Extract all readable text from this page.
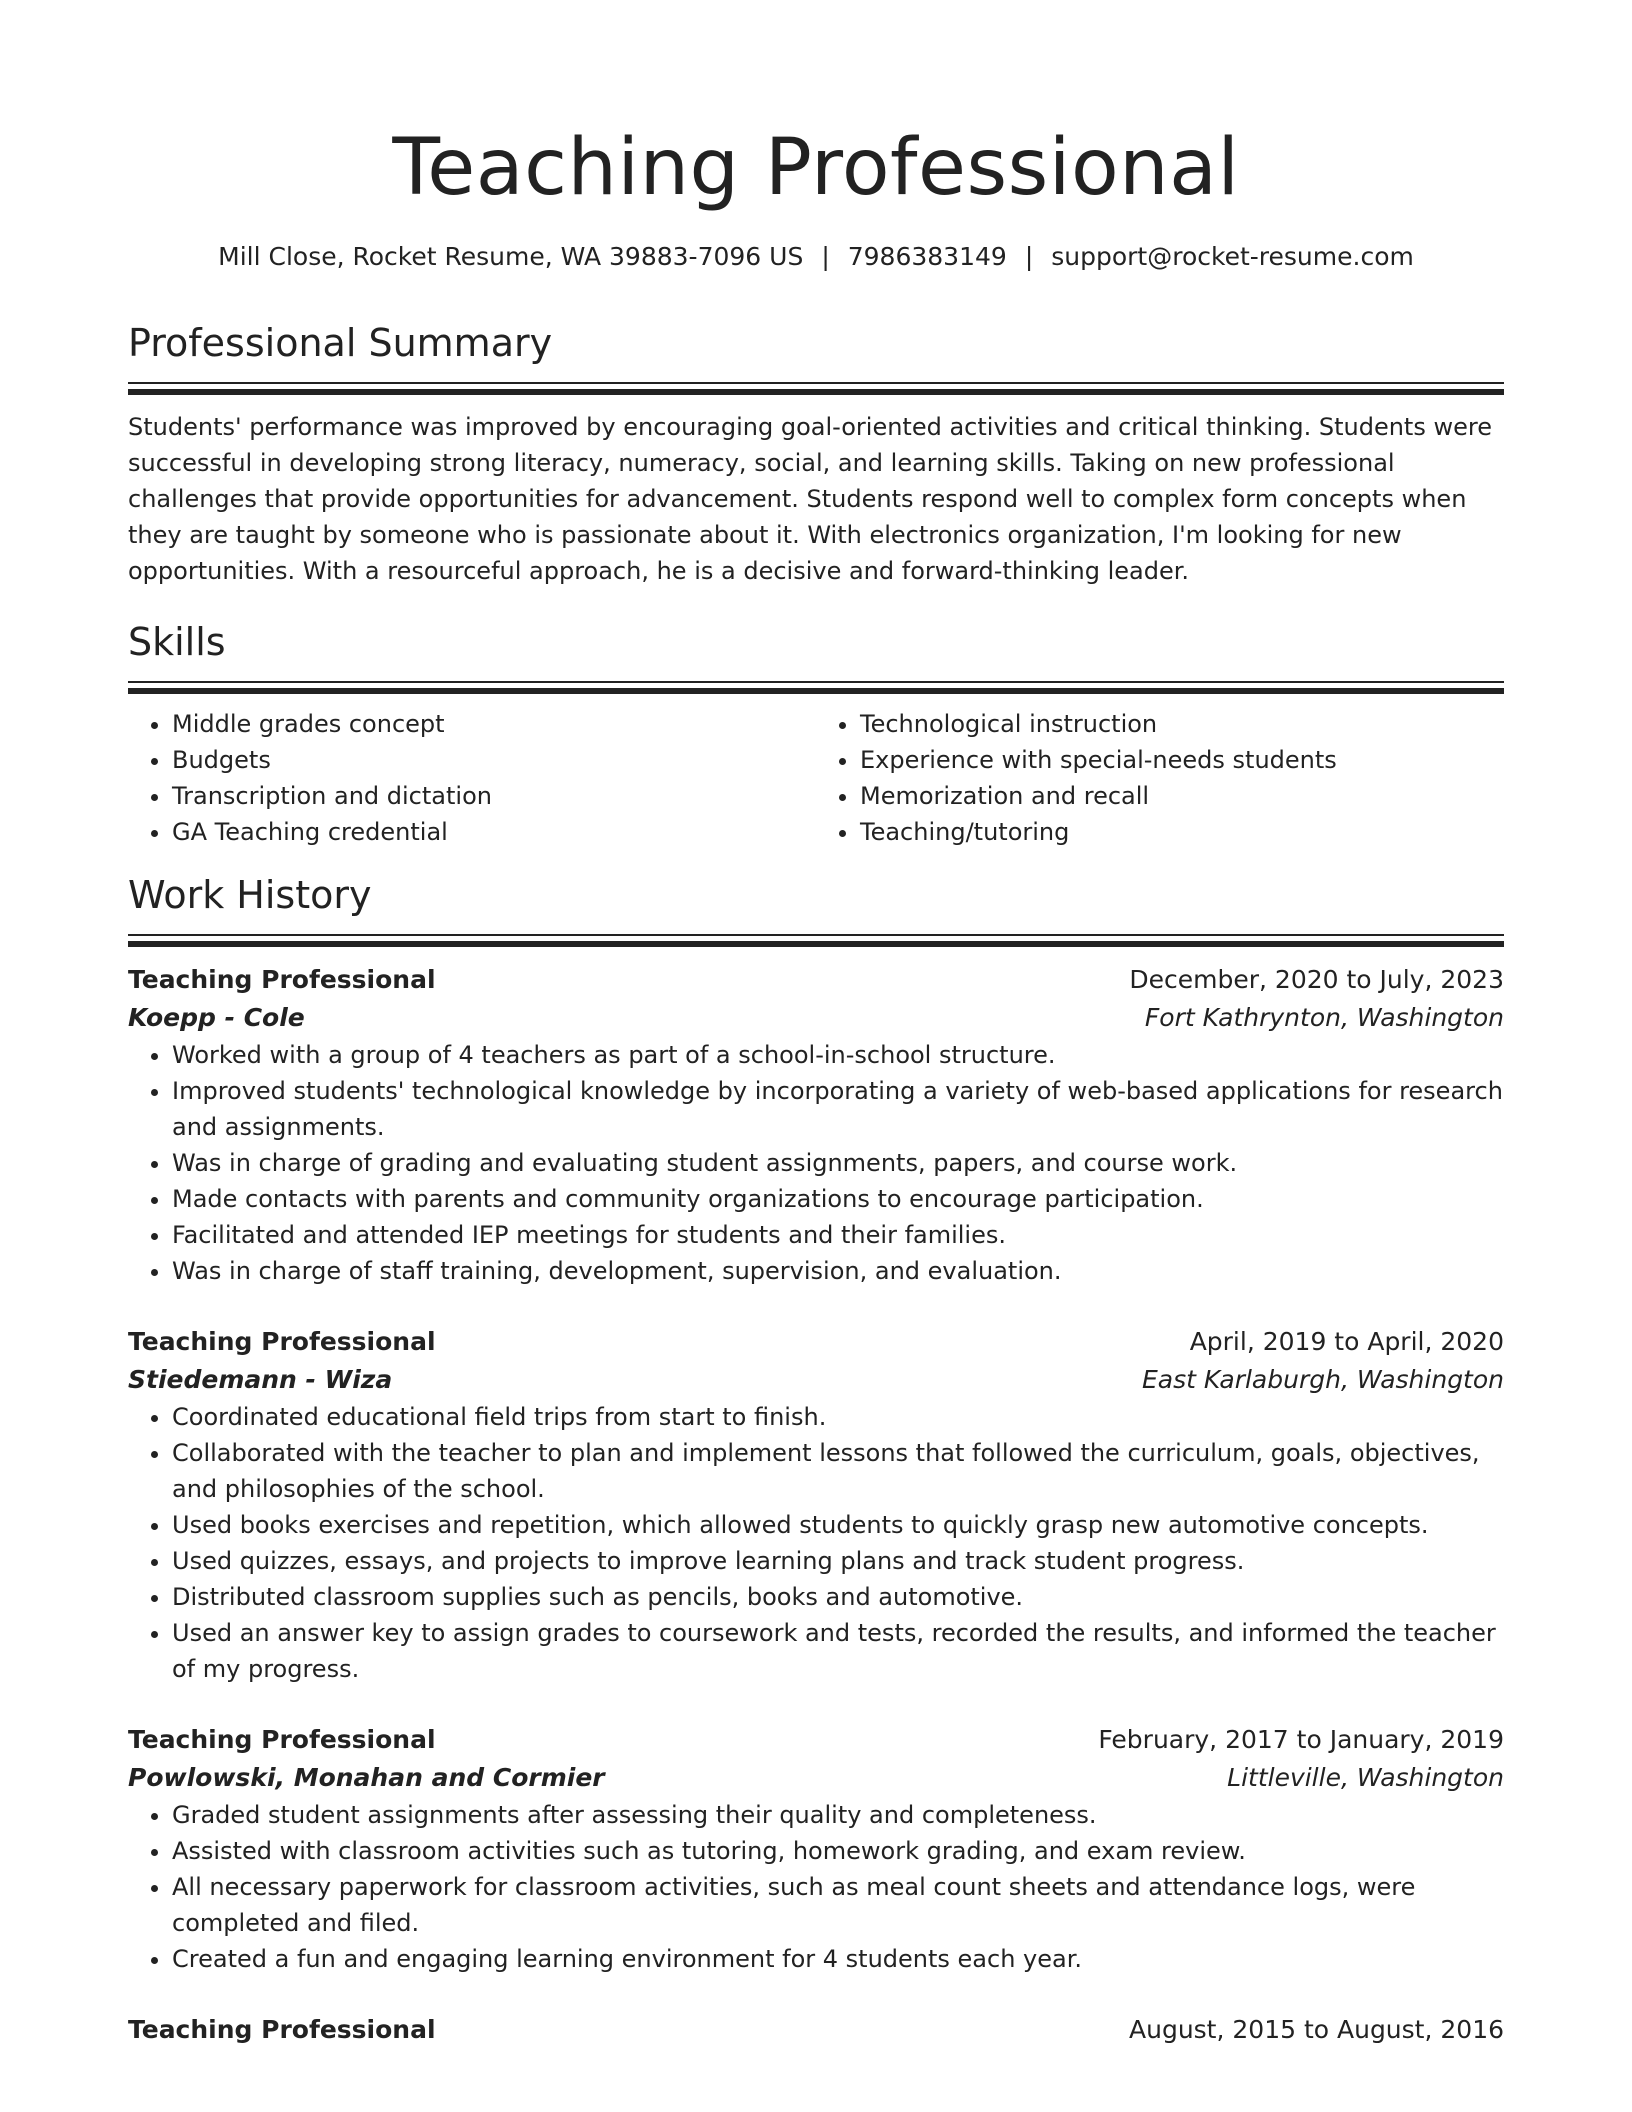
Teaching Professional
Mill Close, Rocket Resume, WA 39883-7096 US | 7986383149 | support@rocket-resume.com
Professional Summary

Students' performance was improved by encouraging goal-oriented activities and critical thinking. Students were successful in developing strong literacy, numeracy, social, and learning skills. Taking on new professional challenges that provide opportunities for advancement. Students respond well to complex form concepts when they are taught by someone who is passionate about it. With electronics organization, I'm looking for new opportunities. With a resourceful approach, he is a decisive and forward-thinking leader.

Skills
• Middle grades concept
• Budgets
• Transcription and dictation
• GA Teaching credential
• Technological instruction
• Experience with special-needs students
• Memorization and recall
• Teaching/tutoring
Work History
Teaching Professional	December, 2020 to July, 2023
Koepp - Cole	Fort Kathrynton, Washington
• Worked with a group of 4 teachers as part of a school-in-school structure.
• Improved students' technological knowledge by incorporating a variety of web-based applications for research and assignments.
• Was in charge of grading and evaluating student assignments, papers, and course work.
• Made contacts with parents and community organizations to encourage participation.
• Facilitated and attended IEP meetings for students and their families.
• Was in charge of staff training, development, supervision, and evaluation.
Teaching Professional	April, 2019 to April, 2020
Stiedemann - Wiza	East Karlaburgh, Washington
• Coordinated educational field trips from start to finish.
• Collaborated with the teacher to plan and implement lessons that followed the curriculum, goals, objectives, and philosophies of the school.
• Used books exercises and repetition, which allowed students to quickly grasp new automotive concepts.
• Used quizzes, essays, and projects to improve learning plans and track student progress.
• Distributed classroom supplies such as pencils, books and automotive.
• Used an answer key to assign grades to coursework and tests, recorded the results, and informed the teacher of my progress.
Teaching Professional	February, 2017 to January, 2019
Powlowski, Monahan and Cormier	Littleville, Washington
• Graded student assignments after assessing their quality and completeness.
• Assisted with classroom activities such as tutoring, homework grading, and exam review.
• All necessary paperwork for classroom activities, such as meal count sheets and attendance logs, were completed and filed.
• Created a fun and engaging learning environment for 4 students each year.
Teaching Professional	August, 2015 to August, 2016
